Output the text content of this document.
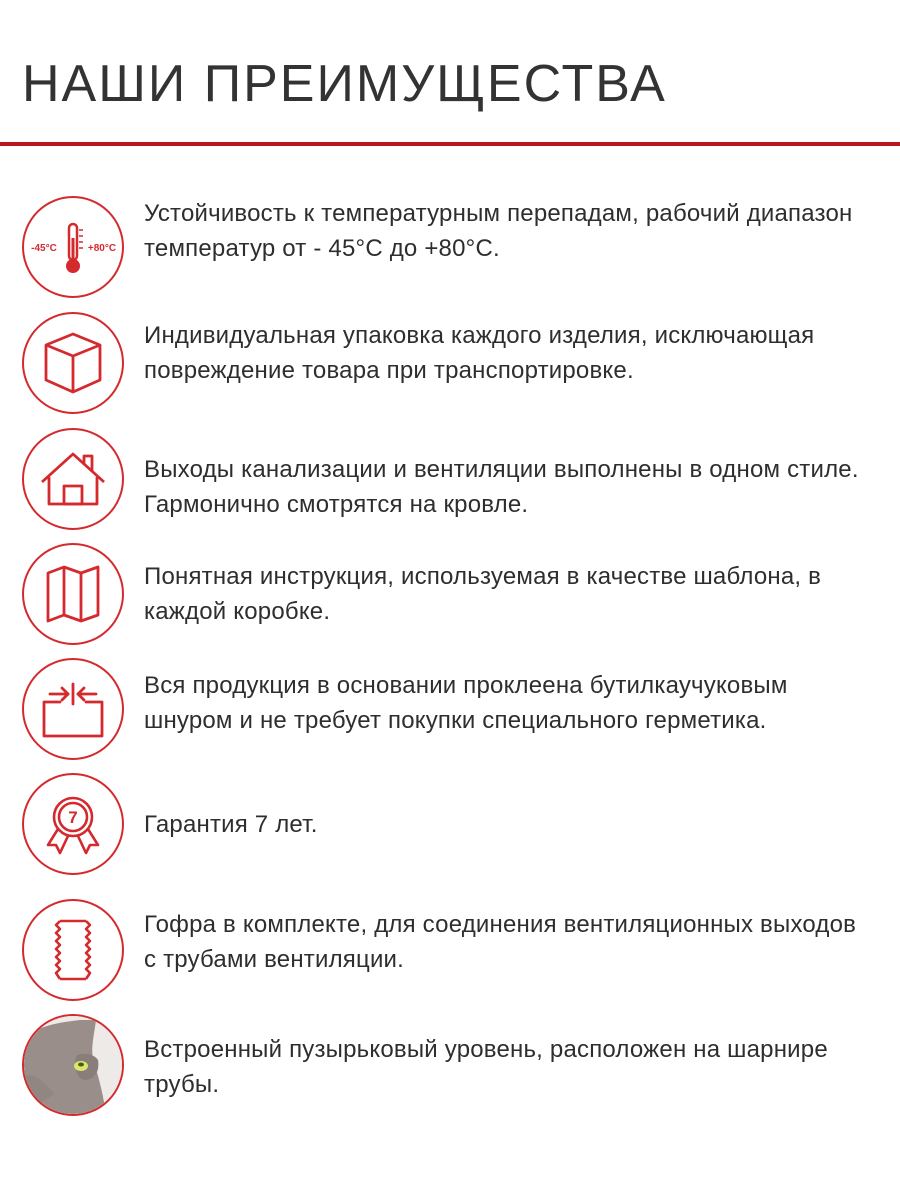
НАШИ ПРЕИМУЩЕСТВА
-45°C	+80°C

Устойчивость к температурным перепадам, рабочий диапазон температур от - 45°С до +80°С.

Индивидуальная упаковка каждого изделия, исключающая повреждение товара при транспортировке.

Выходы канализации и вентиляции выполнены в одном стиле. Гармонично смотрятся на кровле.

Понятная инструкция, используемая в качестве шаблона, в каждой коробке.

Вся продукция в основании проклеена бутилкаучуковым шнуром и не требует покупки специального герметика.

7	Гарантия 7 лет.

Гофра в комплекте, для соединения вентиляционных выходов с трубами вентиляции.

Встроенный пузырьковый уровень, расположен на шарнире трубы.
